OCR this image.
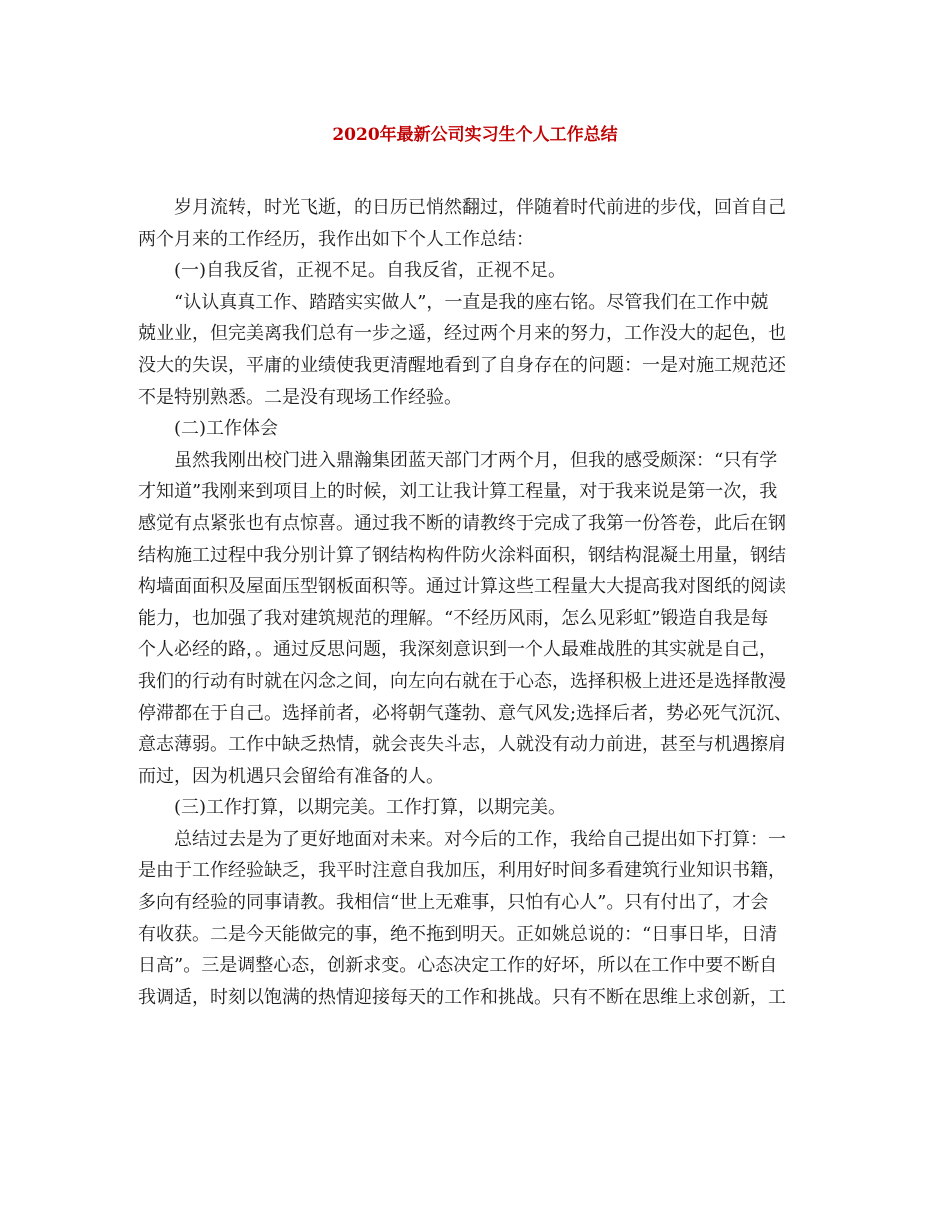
2020年最新公司实习生个人工作总结
岁月流转，时光飞逝，的日历已悄然翻过，伴随着时代前进的步伐，回首自己
两个月来的工作经历，我作出如下个人工作总结：
(一)自我反省，正视不足。自我反省，正视不足。
“认认真真工作、踏踏实实做人”，一直是我的座右铭。尽管我们在工作中兢
兢业业，但完美离我们总有一步之遥，经过两个月来的努力，工作没大的起色，也
没大的失误，平庸的业绩使我更清醒地看到了自身存在的问题：一是对施工规范还
不是特别熟悉。二是没有现场工作经验。
(二)工作体会
虽然我刚出校门进入鼎瀚集团蓝天部门才两个月，但我的感受颇深：“只有学
才知道”我刚来到项目上的时候，刘工让我计算工程量，对于我来说是第一次，我
感觉有点紧张也有点惊喜。通过我不断的请教终于完成了我第一份答卷，此后在钢
结构施工过程中我分别计算了钢结构构件防火涂料面积，钢结构混凝土用量，钢结
构墙面面积及屋面压型钢板面积等。通过计算这些工程量大大提高我对图纸的阅读
能力，也加强了我对建筑规范的理解。“不经历风雨，怎么见彩虹”锻造自我是每
个人必经的路，。通过反思问题，我深刻意识到一个人最难战胜的其实就是自己，
我们的行动有时就在闪念之间，向左向右就在于心态，选择积极上进还是选择散漫
停滞都在于自己。选择前者，必将朝气蓬勃、意气风发;选择后者，势必死气沉沉、
意志薄弱。工作中缺乏热情，就会丧失斗志，人就没有动力前进，甚至与机遇擦肩
而过，因为机遇只会留给有准备的人。
(三)工作打算，以期完美。工作打算，以期完美。
总结过去是为了更好地面对未来。对今后的工作，我给自己提出如下打算：一
是由于工作经验缺乏，我平时注意自我加压，利用好时间多看建筑行业知识书籍，
多向有经验的同事请教。我相信“世上无难事，只怕有心人”。只有付出了，才会
有收获。二是今天能做完的事，绝不拖到明天。正如姚总说的：“日事日毕，日清
日高”。三是调整心态，创新求变。心态决定工作的好坏，所以在工作中要不断自
我调适，时刻以饱满的热情迎接每天的工作和挑战。只有不断在思维上求创新，工
